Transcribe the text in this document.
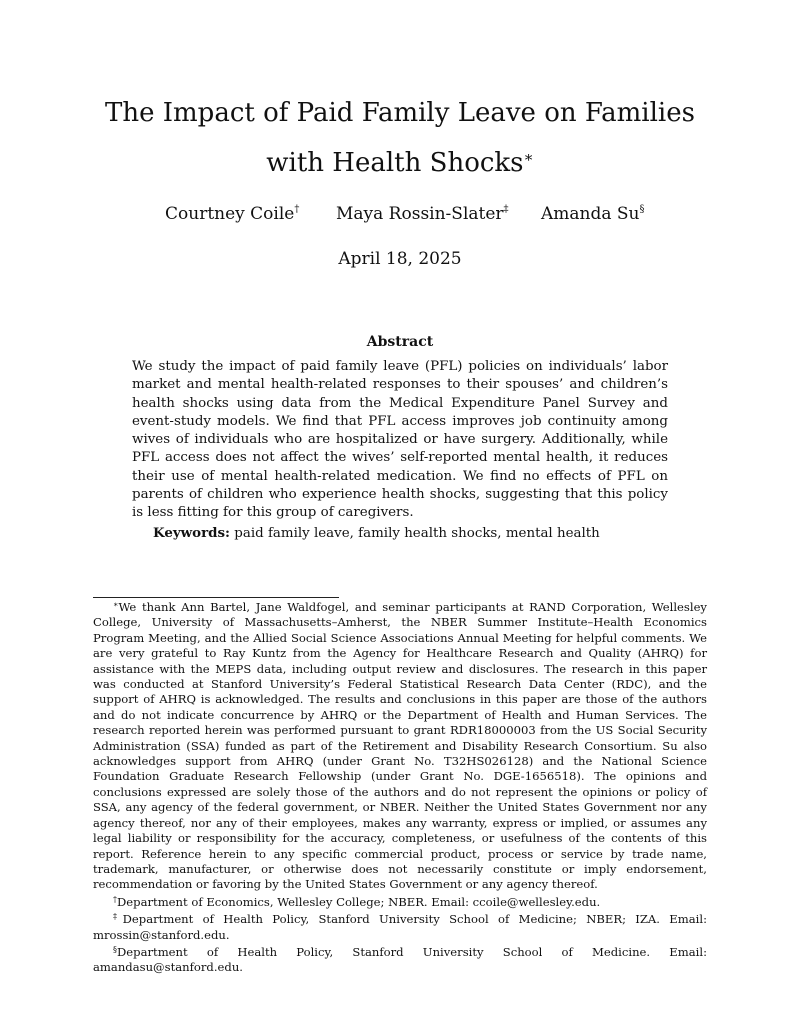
The Impact of Paid Family Leave on Families with Health Shocks∗
Courtney Coile† Maya Rossin-Slater‡ Amanda Su§
April 18, 2025
Abstract

We study the impact of paid family leave (PFL) policies on individuals’ labor market and mental health-related responses to their spouses’ and children’s health shocks using data from the Medical Expenditure Panel Survey and event-study models. We find that PFL access improves job continuity among wives of individuals who are hospitalized or have surgery. Additionally, while PFL access does not affect the wives’ self-reported mental health, it reduces their use of mental health-related medication. We find no effects of PFL on parents of children who experience health shocks, suggesting that this policy is less fitting for this group of caregivers.

Keywords: paid family leave, family health shocks, mental health

∗We thank Ann Bartel, Jane Waldfogel, and seminar participants at RAND Corporation, Wellesley College, University of Massachusetts–Amherst, the NBER Summer Institute–Health Economics Program Meeting, and the Allied Social Science Associations Annual Meeting for helpful comments. We are very grateful to Ray Kuntz from the Agency for Healthcare Research and Quality (AHRQ) for assistance with the MEPS data, including output review and disclosures. The research in this paper was conducted at Stanford University’s Federal Statistical Research Data Center (RDC), and the support of AHRQ is acknowledged. The results and conclusions in this paper are those of the authors and do not indicate concurrence by AHRQ or the Department of Health and Human Services. The research reported herein was performed pursuant to grant RDR18000003 from the US Social Security Administration (SSA) funded as part of the Retirement and Disability Research Consortium. Su also acknowledges support from AHRQ (under Grant No. T32HS026128) and the National Science Foundation Graduate Research Fellowship (under Grant No. DGE-1656518). The opinions and conclusions expressed are solely those of the authors and do not represent the opinions or policy of SSA, any agency of the federal government, or NBER. Neither the United States Government nor any agency thereof, nor any of their employees, makes any warranty, express or implied, or assumes any legal liability or responsibility for the accuracy, completeness, or usefulness of the contents of this report. Reference herein to any specific commercial product, process or service by trade name, trademark, manufacturer, or otherwise does not necessarily constitute or imply endorsement, recommendation or favoring by the United States Government or any agency thereof.

†Department of Economics, Wellesley College; NBER. Email: ccoile@wellesley.edu.

‡Department of Health Policy, Stanford University School of Medicine; NBER; IZA. Email: mrossin@stanford.edu.

§Department of Health Policy, Stanford University School of Medicine. Email: amandasu@stanford.edu.
